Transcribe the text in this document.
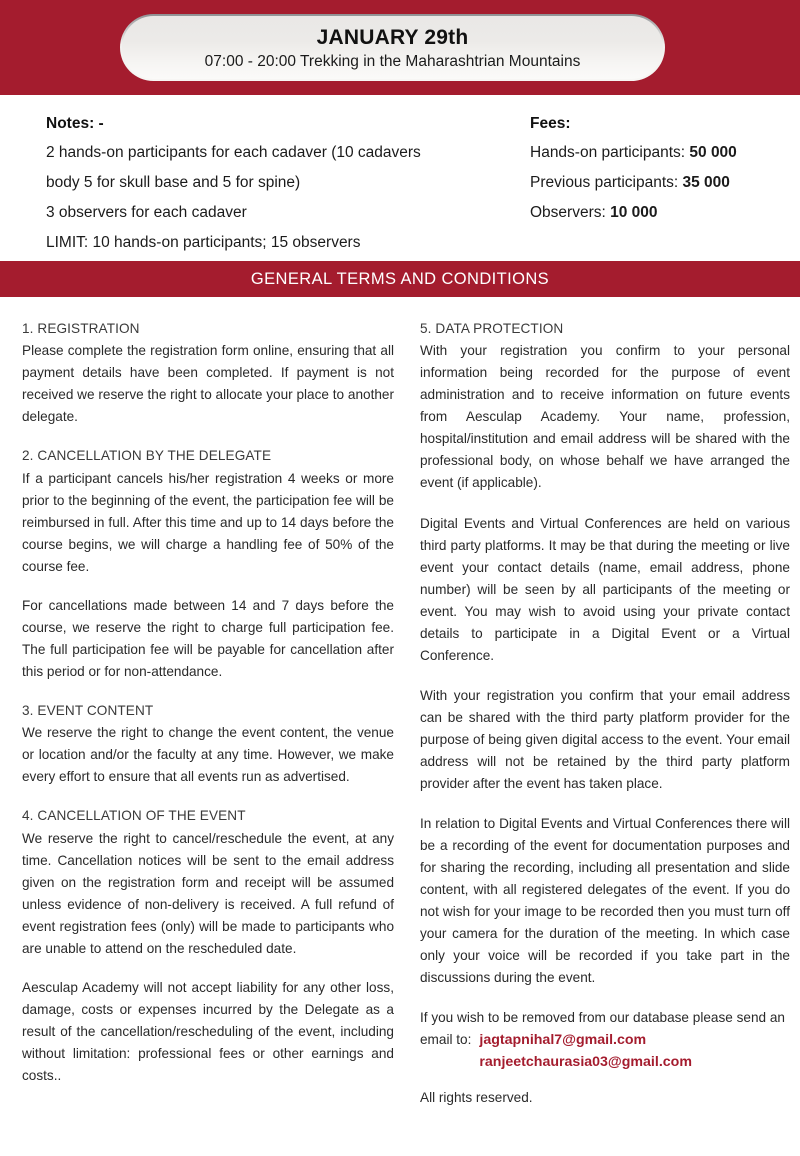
JANUARY 29th
07:00 - 20:00 Trekking in the Maharashtrian Mountains
Notes: -
2 hands-on participants for each cadaver (10 cadavers
body 5 for skull base and 5 for spine)
3 observers for each cadaver
LIMIT: 10 hands-on participants; 15 observers
Fees:
Hands-on participants: 50 000
Previous participants: 35 000
Observers: 10 000
GENERAL TERMS AND CONDITIONS
1. REGISTRATION

Please complete the registration form online, ensuring that all payment details have been completed. If payment is not received we reserve the right to allocate your place to another delegate.

2. CANCELLATION BY THE DELEGATE

If a participant cancels his/her registration 4 weeks or more prior to the beginning of the event, the participation fee will be reimbursed in full. After this time and up to 14 days before the course begins, we will charge a handling fee of 50% of the course fee.

For cancellations made between 14 and 7 days before the course, we reserve the right to charge full participation fee. The full participation fee will be payable for cancellation after this period or for non-attendance.

3. EVENT CONTENT

We reserve the right to change the event content, the venue or location and/or the faculty at any time. However, we make every effort to ensure that all events run as advertised.

4. CANCELLATION OF THE EVENT

We reserve the right to cancel/reschedule the event, at any time. Cancellation notices will be sent to the email address given on the registration form and receipt will be assumed unless evidence of non-delivery is received. A full refund of event registration fees (only) will be made to participants who are unable to attend on the rescheduled date.

Aesculap Academy will not accept liability for any other loss, damage, costs or expenses incurred by the Delegate as a result of the cancellation/rescheduling of the event, including without limitation: professional fees or other earnings and costs..

5. DATA PROTECTION

With your registration you confirm to your personal information being recorded for the purpose of event administration and to receive information on future events from Aesculap Academy. Your name, profession, hospital/institution and email address will be shared with the professional body, on whose behalf we have arranged the event (if applicable).

Digital Events and Virtual Conferences are held on various third party platforms. It may be that during the meeting or live event your contact details (name, email address, phone number) will be seen by all participants of the meeting or event. You may wish to avoid using your private contact details to participate in a Digital Event or a Virtual Conference.

With your registration you confirm that your email address can be shared with the third party platform provider for the purpose of being given digital access to the event. Your email address will not be retained by the third party platform provider after the event has taken place.

In relation to Digital Events and Virtual Conferences there will be a recording of the event for documentation purposes and for sharing the recording, including all presentation and slide content, with all registered delegates of the event. If you do not wish for your image to be recorded then you must turn off your camera for the duration of the meeting. In which case only your voice will be recorded if you take part in the discussions during the event.

If you wish to be removed from our database please send an
email to: jagtapnihal7@gmail.com
ranjeetchaurasia03@gmail.com
All rights reserved.
